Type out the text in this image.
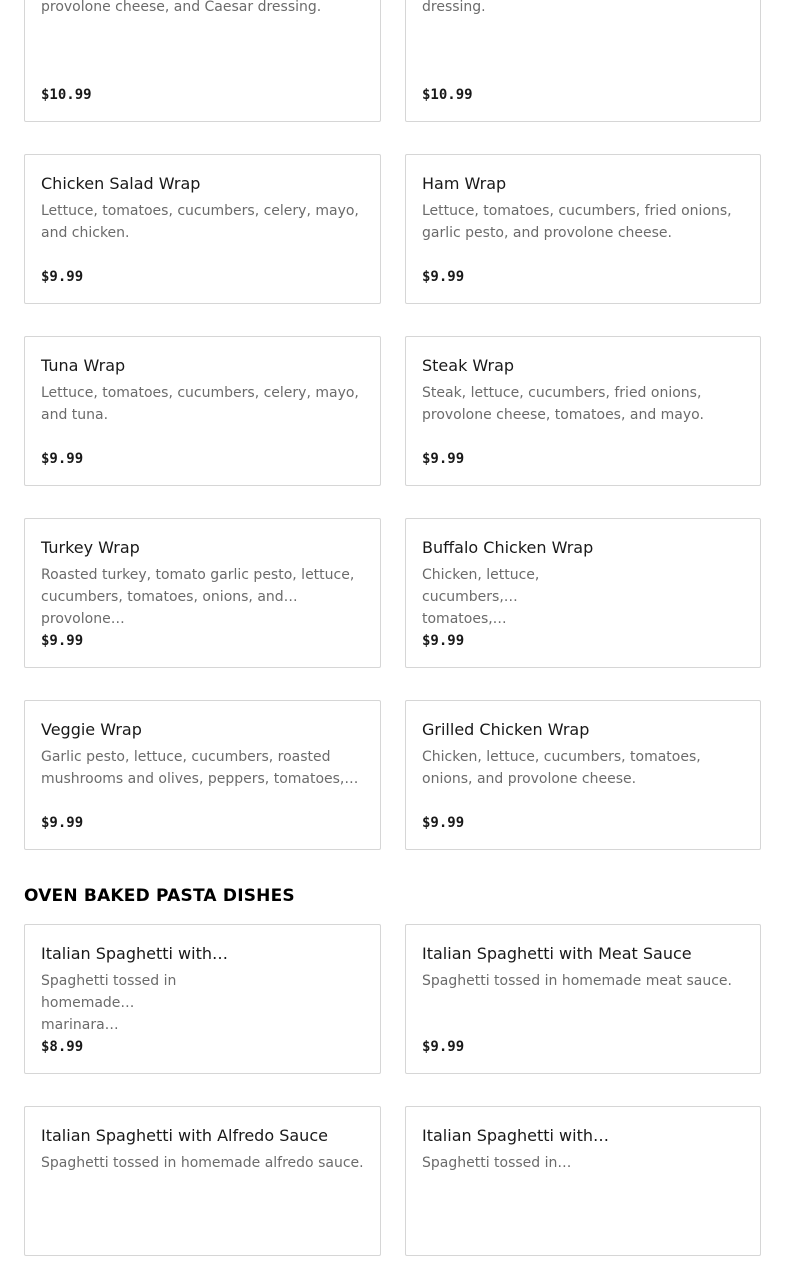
provolone cheese, and Caesar dressing.
$10.99
dressing.
$10.99
Chicken Salad Wrap
Lettuce, tomatoes, cucumbers, celery, mayo, and chicken.
$9.99
Ham Wrap
Lettuce, tomatoes, cucumbers, fried onions, garlic pesto, and provolone cheese.
$9.99
Tuna Wrap
Lettuce, tomatoes, cucumbers, celery, mayo, and tuna.
$9.99
Steak Wrap
Steak, lettuce, cucumbers, fried onions, provolone cheese, tomatoes, and mayo.
$9.99
Turkey Wrap
Roasted turkey, tomato garlic pesto, lettuce, cucumbers, tomatoes, onions, and provolone…
$9.99
Buffalo Chicken Wrap
Chicken, lettuce, cucumbers, tomatoes,…
$9.99
Veggie Wrap
Garlic pesto, lettuce, cucumbers, roasted mushrooms and olives, peppers, tomatoes,…
$9.99
Grilled Chicken Wrap
Chicken, lettuce, cucumbers, tomatoes, onions, and provolone cheese.
$9.99
OVEN BAKED PASTA DISHES
Italian Spaghetti with…
Spaghetti tossed in homemade marinara…
$8.99
Italian Spaghetti with Meat Sauce
Spaghetti tossed in homemade meat sauce.
$9.99
Italian Spaghetti with Alfredo Sauce
Spaghetti tossed in homemade alfredo sauce.
Italian Spaghetti with…
Spaghetti tossed in…
